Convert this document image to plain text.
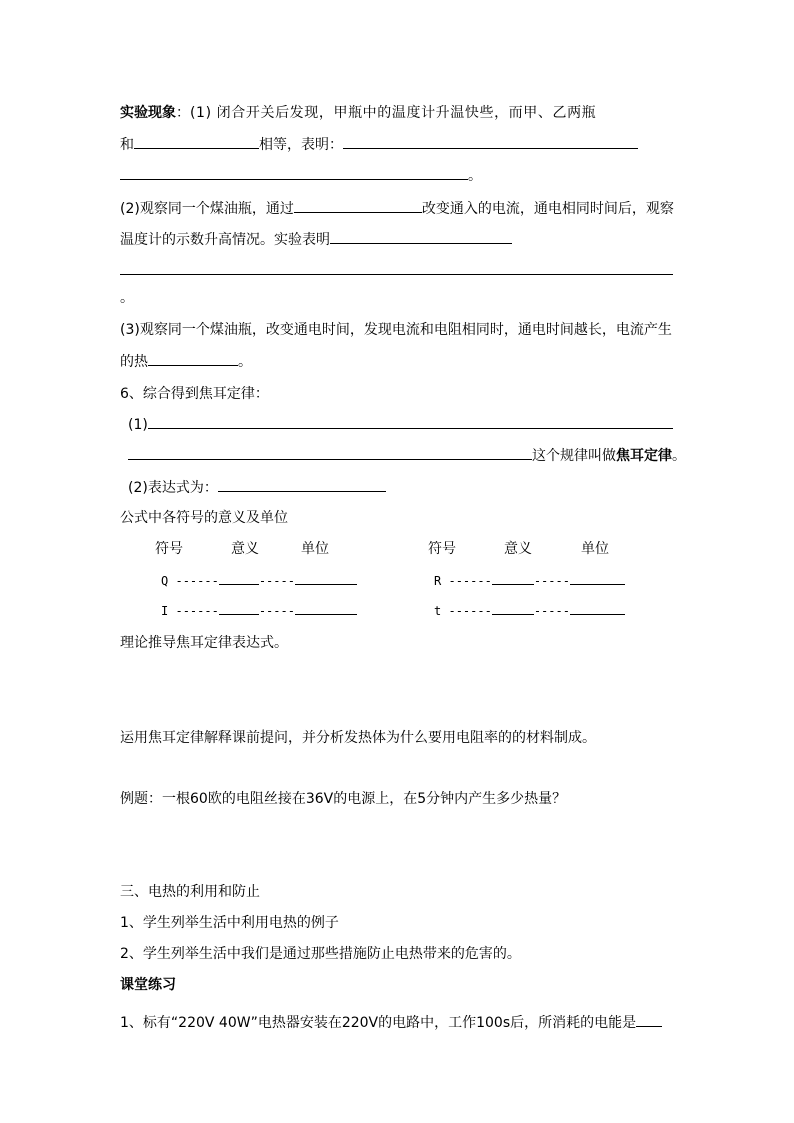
实验现象：(1) 闭合开关后发现，甲瓶中的温度计升温快些，而甲、乙两瓶
和	相等，表明：
。
(2)观察同一个煤油瓶，通过	改变通入的电流，通电相同时间后，观察
温度计的示数升高情况。实验表明
。
(3)观察同一个煤油瓶，改变通电时间，发现电流和电阻相同时，通电时间越长，电流产生
的热	。
6、综合得到焦耳定律：
(1)
这个规律叫做焦耳定律。
(2)表达式为：
公式中各符号的意义及单位
符号	意义	单位	符号	意义	单位
Q ------	-----	R ------	-----
I ------	-----	t ------	-----
理论推导焦耳定律表达式。
运用焦耳定律解释课前提问，并分析发热体为什么要用电阻率的的材料制成。
例题：一根60欧的电阻丝接在36V的电源上，在5分钟内产生多少热量？
三、电热的利用和防止
1、学生列举生活中利用电热的例子
2、学生列举生活中我们是通过那些措施防止电热带来的危害的。
课堂练习
1、标有“220V 40W”电热器安装在220V的电路中，工作100s后，所消耗的电能是
